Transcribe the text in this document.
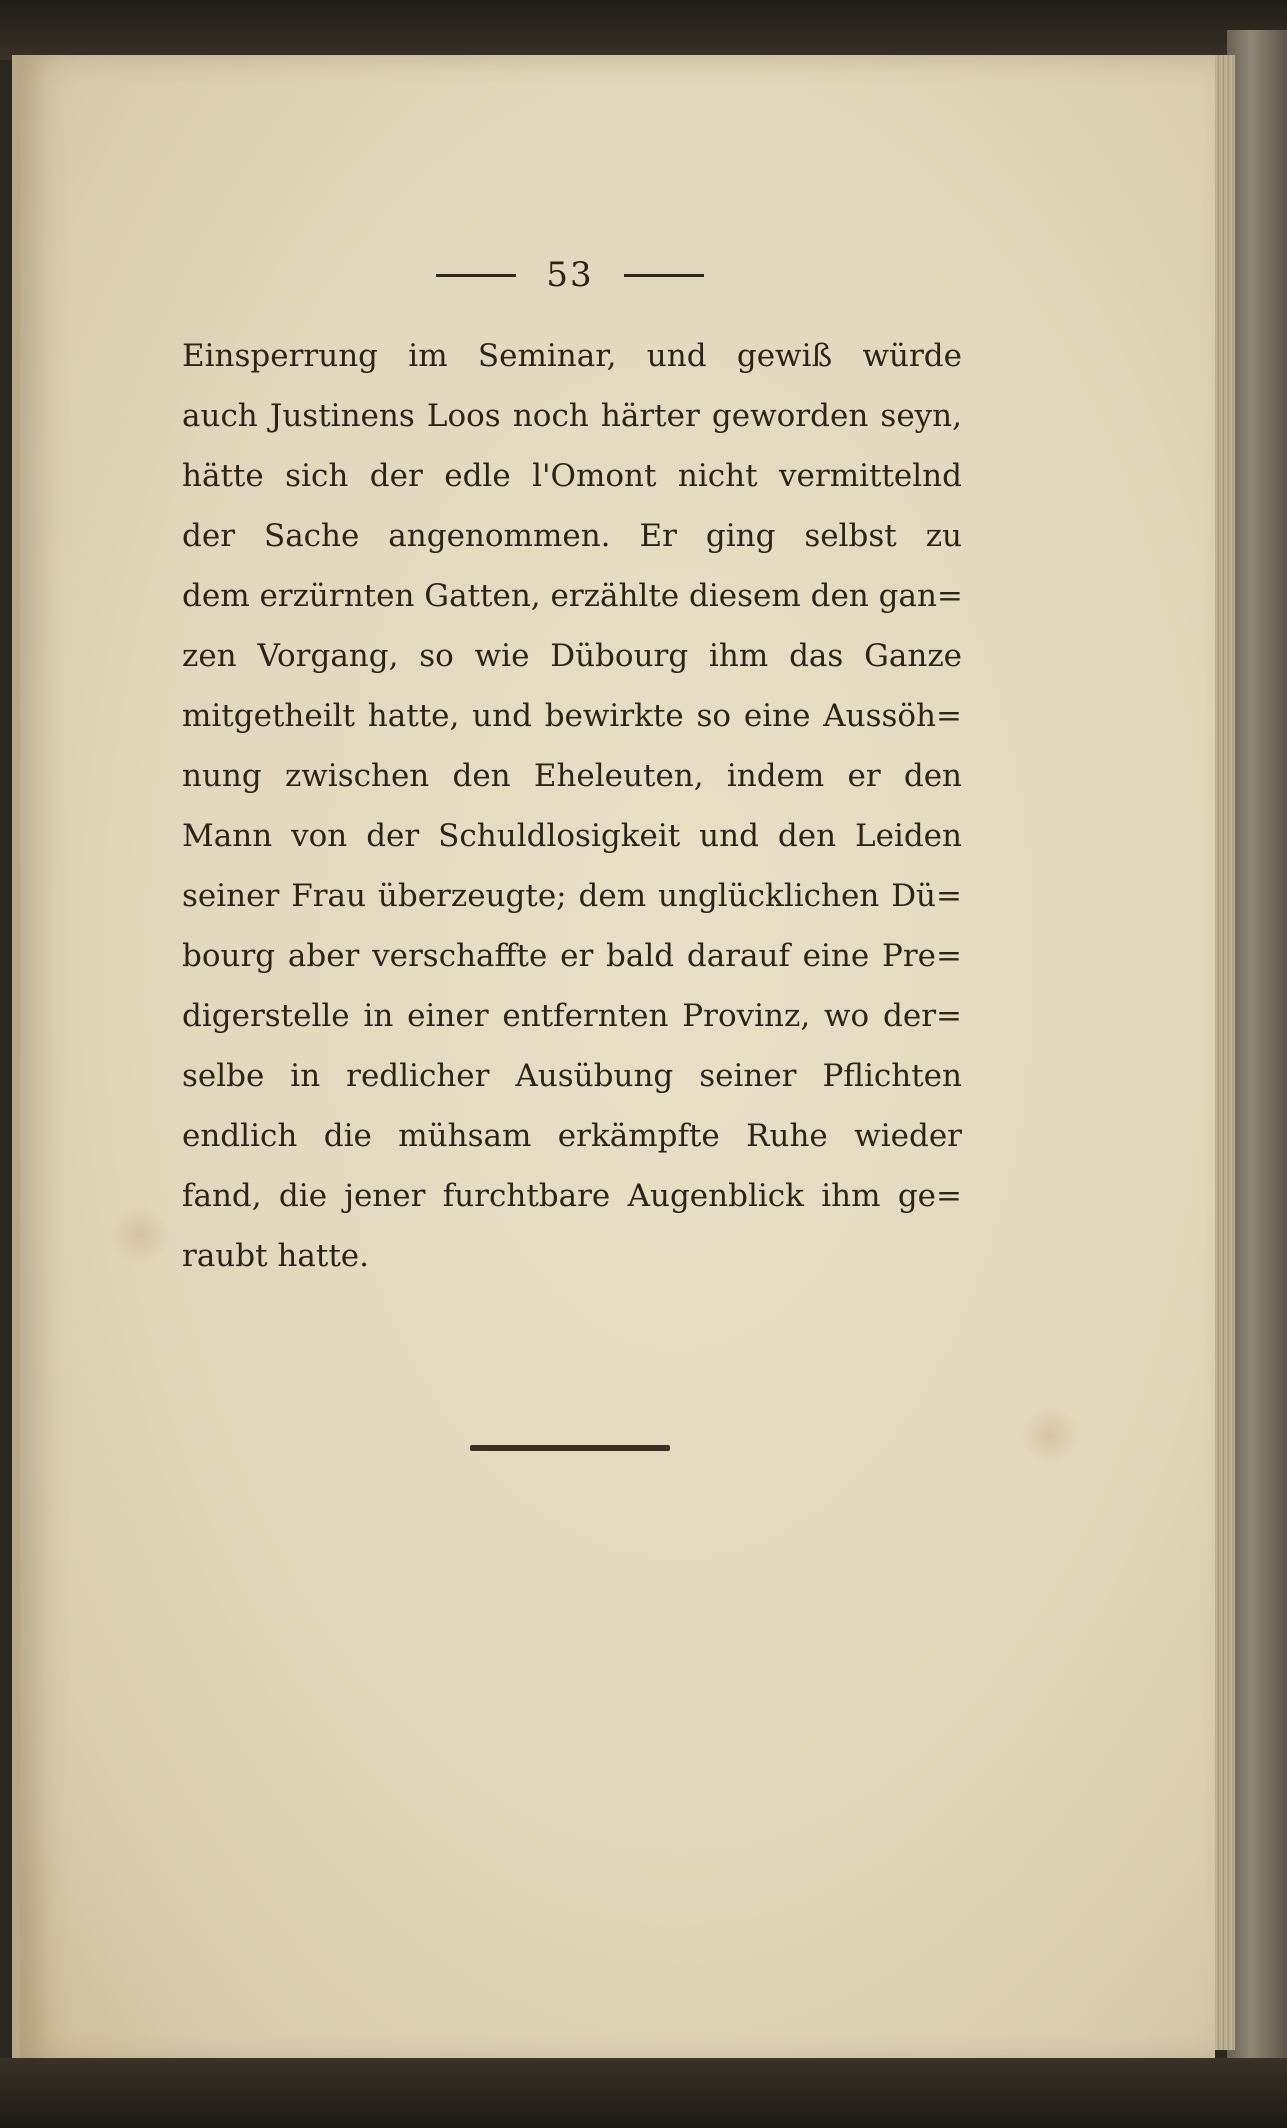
53
Einsperrung im Seminar, und gewiß würde
auch Justinens Loos noch härter geworden seyn,
hätte sich der edle l'Omont nicht vermittelnd
der Sache angenommen. Er ging selbst zu
dem erzürnten Gatten, erzählte diesem den gan=
zen Vorgang, so wie Dübourg ihm das Ganze
mitgetheilt hatte, und bewirkte so eine Aussöh=
nung zwischen den Eheleuten, indem er den
Mann von der Schuldlosigkeit und den Leiden
seiner Frau überzeugte; dem unglücklichen Dü=
bourg aber verschaffte er bald darauf eine Pre=
digerstelle in einer entfernten Provinz, wo der=
selbe in redlicher Ausübung seiner Pflichten
endlich die mühsam erkämpfte Ruhe wieder
fand, die jener furchtbare Augenblick ihm ge=
raubt hatte.
